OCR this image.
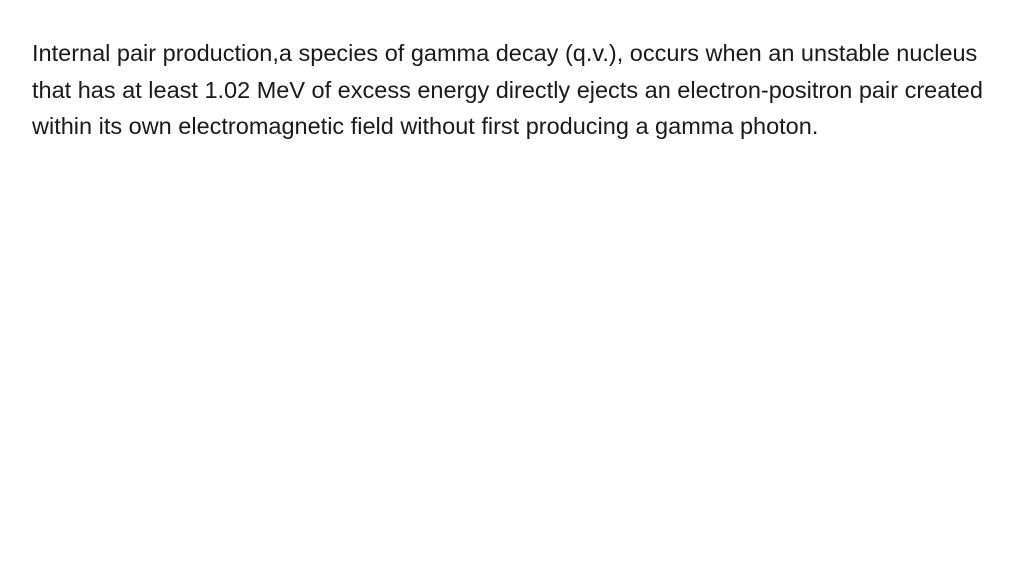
Internal pair production,a species of gamma decay (q.v.), occurs when an unstable nucleus that has at least 1.02 MeV of excess energy directly ejects an electron-positron pair created within its own electromagnetic field without first producing a gamma photon.
